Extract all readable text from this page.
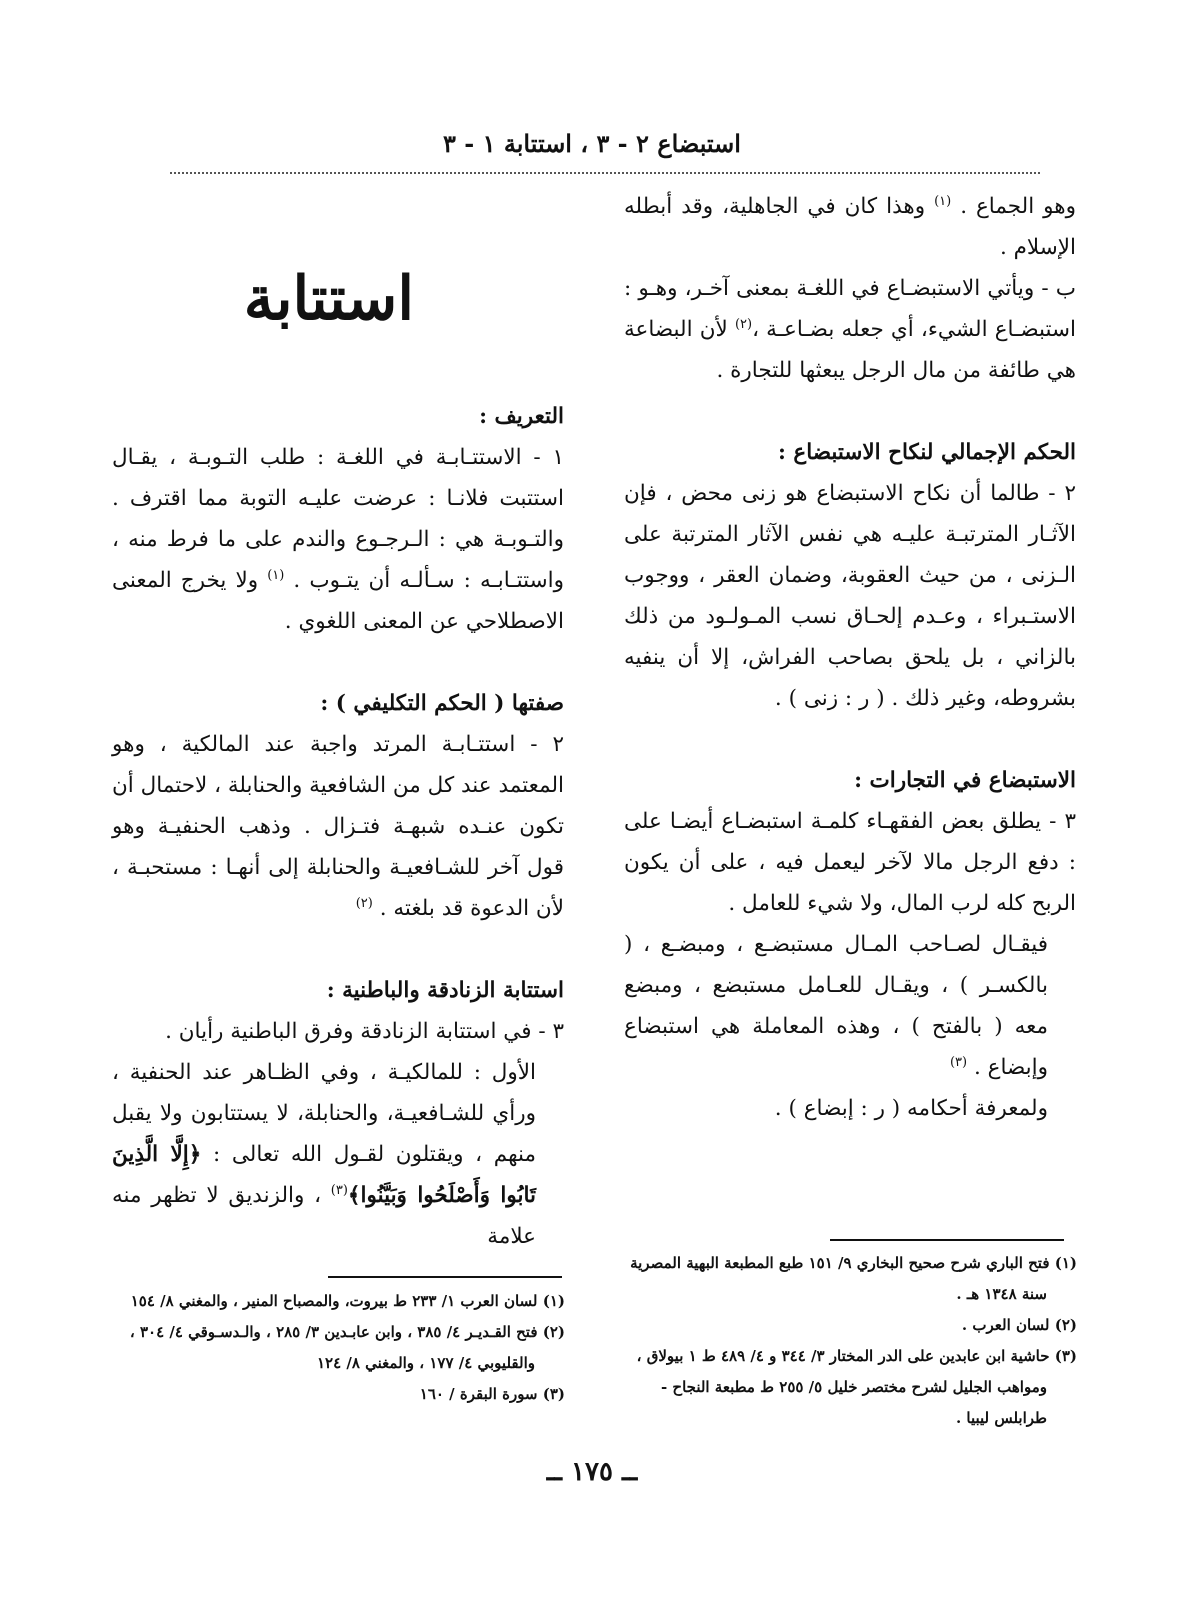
استبضاع ٢ - ٣ ، استتابة ١ - ٣

وهو الجماع . $^{(١)}$ وهذا كان في الجاهلية، وقد أبطله الإسلام .

ب - ويأتي الاستبضـاع في اللغـة بمعنى آخـر، وهـو : استبضـاع الشيء، أي جعله بضـاعـة ،$^{(٢)}$ لأن البضاعة هي طائفة من مال الرجل يبعثها للتجارة .

الحكم الإجمالي لنكاح الاستبضاع :

٢ - طالما أن نكاح الاستبضاع هو زنى محض ، فإن الآثـار المترتبـة عليـه هي نفس الآثار المترتبة على الـزنى ، من حيث العقوبة، وضمان العقر ، ووجوب الاستـبراء ، وعـدم إلحـاق نسب المـولـود من ذلك بالزاني ، بل يلحق بصاحب الفراش، إلا أن ينفيه بشروطه، وغير ذلك . ( ر : زنى ) .

الاستبضاع في التجارات :

٣ - يطلق بعض الفقهـاء كلمـة استبضـاع أيضـا على : دفع الرجل مالا لآخر ليعمل فيه ، على أن يكون الربح كله لرب المال، ولا شيء للعامل .

فيقـال لصـاحب المـال مستبضـع ، ومبضـع ، ( بالكسـر ) ، ويقـال للعـامل مستبضع ، ومبضع معه ( بالفتح ) ، وهذه المعاملة هي استبضاع وإبضاع . $^{(٣)}$

ولمعرفة أحكامه ( ر : إبضاع ) .

استتابة

التعريف :

١ - الاستتـابـة في اللغـة : طلب التـوبـة ، يقـال استتبت فلانـا : عرضت عليـه التوبة مما اقترف . والتـوبـة هي : الـرجـوع والندم على ما فرط منه ، واستتـابـه : سـألـه أن يتـوب . $^{(١)}$ ولا يخرج المعنى الاصطلاحي عن المعنى اللغوي .

صفتها ( الحكم التكليفي ) :

٢ - استتـابـة المرتد واجبة عند المالكية ، وهو المعتمد عند كل من الشافعية والحنابلة ، لاحتمال أن تكون عنـده شبهـة فتـزال . وذهب الحنفيـة وهو قول آخر للشـافعيـة والحنابلة إلى أنهـا : مستحبـة ، لأن الدعوة قد بلغته . $^{(٢)}$

استتابة الزنادقة والباطنية :

٣ - في استتابة الزنادقة وفرق الباطنية رأيان .

الأول : للمالكيـة ، وفي الظـاهر عند الحنفية ، ورأي للشـافعيـة، والحنابلة، لا يستتابون ولا يقبل منهم ، ويقتلون لقـول الله تعالى : ﴿إِلَّا الَّذِينَ تَابُوا وَأَصْلَحُوا وَبَيَّنُوا﴾$^{(٣)}$ ، والزنديق لا تظهر منه علامة

(١) فتح الباري شرح صحيح البخاري ٩/ ١٥١ طبع المطبعة البهية المصرية سنة ١٣٤٨ هـ .
(٢) لسان العرب .
(٣) حاشية ابن عابدين على الدر المختار ٣/ ٣٤٤ و ٤/ ٤٨٩ ط ١ بيولاق ، ومواهب الجليل لشرح مختصر خليل ٥/ ٢٥٥ ط مطبعة النجاح - طرابلس ليبيا .
(١) لسان العرب ١/ ٢٣٣ ط بيروت، والمصباح المنير ، والمغني ٨/ ١٥٤
(٢) فتح القـديـر ٤/ ٣٨٥ ، وابن عابـدين ٣/ ٢٨٥ ، والـدسـوقي ٤/ ٣٠٤ ، والقليوبي ٤/ ١٧٧ ، والمغني ٨/ ١٢٤
(٣) سورة البقرة / ١٦٠
ــ ١٧٥ ــ
